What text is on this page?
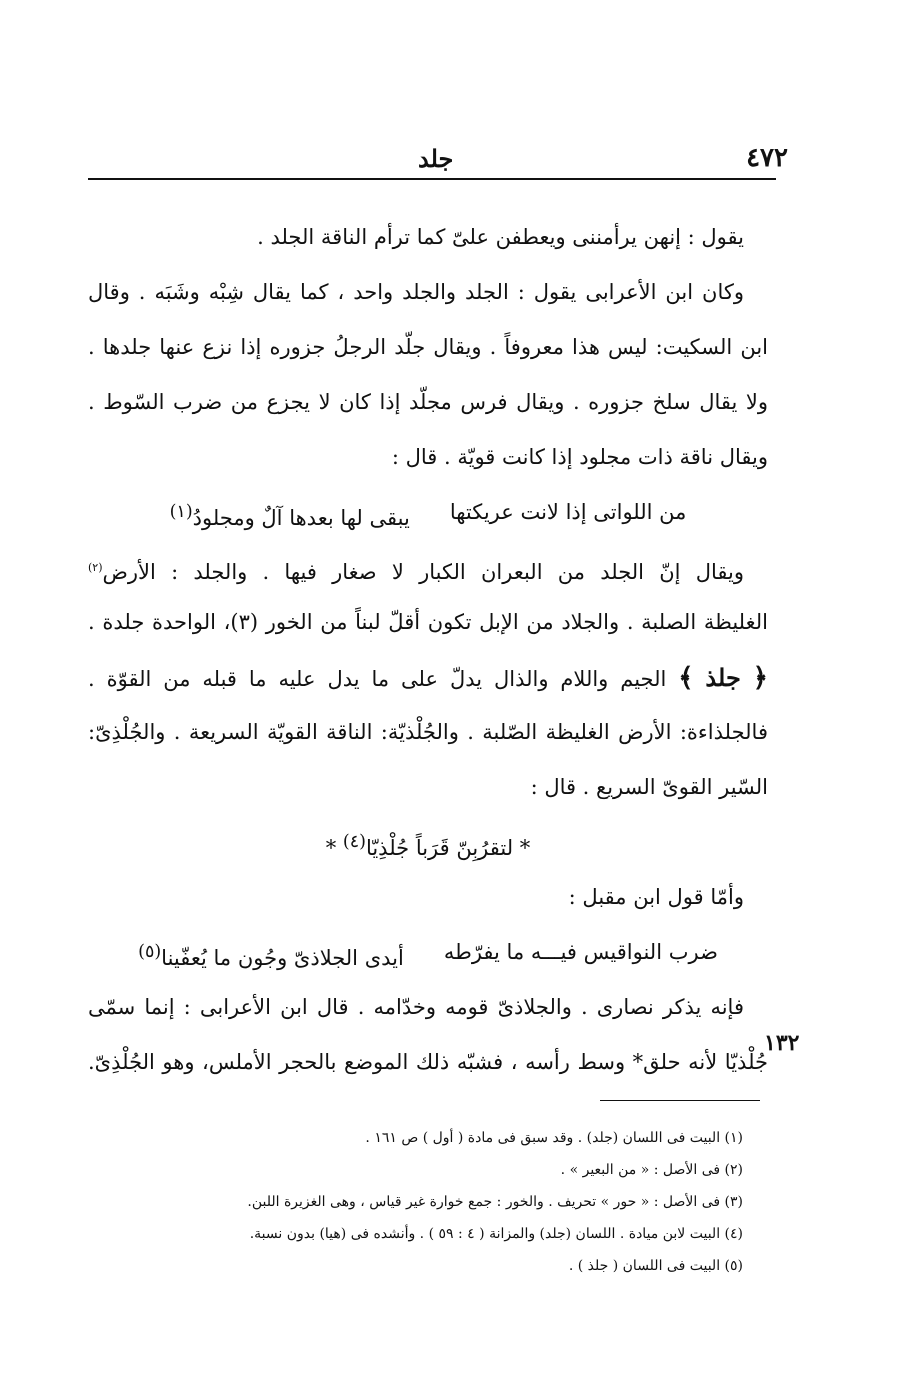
٤٧٢
جلد
يقول : إنهن يرأمننى ويعطفن علىّ كما ترأم الناقة الجلد .
وكان ابن الأعرابى يقول : الجلد والجلد واحد ، كما يقال شِبْه وشَبَه . وقال
ابن السكيت: ليس هذا معروفاً . ويقال جلّد الرجلُ جزوره إذا نزع عنها جلدها .
ولا يقال سلخ جزوره . ويقال فرس مجلّد إذا كان لا يجزع من ضرب السّوط .
ويقال ناقة ذات مجلود إذا كانت قويّة . قال :
من اللواتى إذا لانت عريكتها
يبقى لها بعدها آلٌ ومجلودُ$^{(١)}$
ويقال إنّ الجلد من البعران الكبار لا صغار فيها . والجلد : الأرض$^{(٢)}$
الغليظة الصلبة . والجلاد من الإبل تكون أقلّ لبناً من الخور (٣)، الواحدة جلدة .
﴿ جلذ ﴾ الجيم واللام والذال يدلّ على ما يدل عليه ما قبله من القوّة .
فالجلذاءة: الأرض الغليظة الصّلبة . والجُلْذيّة: الناقة القويّة السريعة . والجُلْذِىّ:
السّير القوىّ السريع . قال :
* لتقرُبِنّ قَرَباً جُلْذِيّا$^{(٤)}$ *
وأمّا قول ابن مقبل :
ضرب النواقيس فيـــه ما يفرّطه
أيدى الجلاذىّ وجُون ما يُعفّينا$^{(٥)}$
فإنه يذكر نصارى . والجلاذىّ قومه وخدّامه . قال ابن الأعرابى : إنما سمّى
جُلْذيّا لأنه حلق* وسط رأسه ، فشبّه ذلك الموضع بالحجر الأملس، وهو الجُلْذِىّ.
١٣٢
(١) البيت فى اللسان (جلد) . وقد سبق فى مادة ( أول ) ص ١٦١ .
(٢) فى الأصل : « من البعير » .
(٣) فى الأصل : « حور » تحريف . والخور : جمع خوارة غير قياس ، وهى الغزيرة اللبن.
(٤) البيت لابن ميادة . اللسان (جلد) والمزانة ( ٤ : ٥٩ ) . وأنشده فى (هيا) بدون نسبة.
(٥) البيت فى اللسان ( جلذ ) .
